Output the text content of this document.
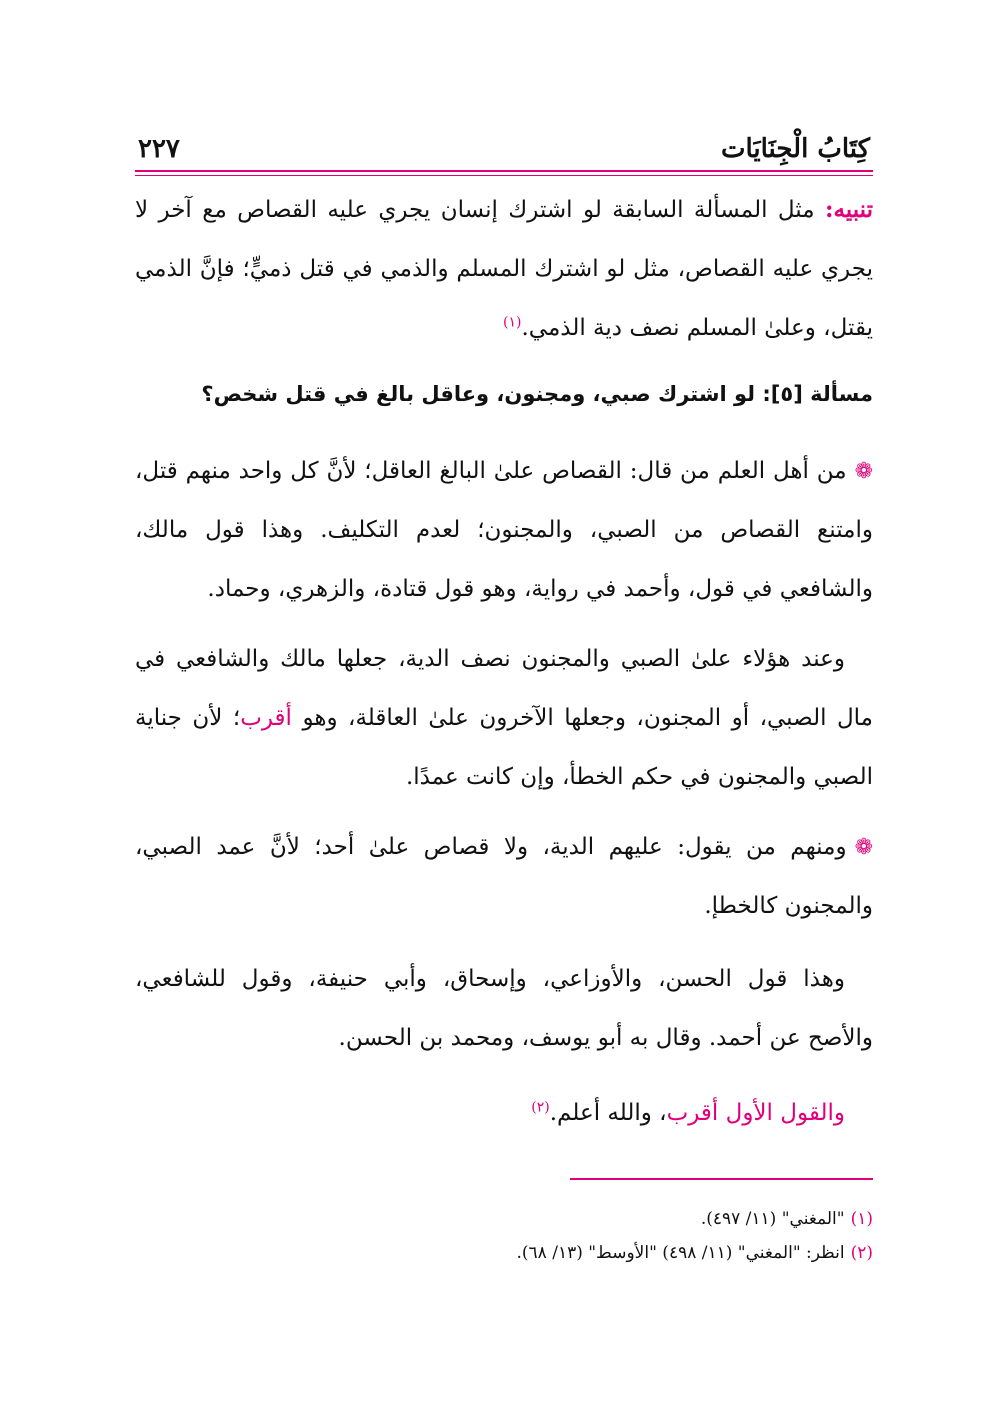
كِتَابُ الْجِنَايَات
٢٢٧

تنبيه: مثل المسألة السابقة لو اشترك إنسان يجري عليه القصاص مع آخر لا يجري عليه القصاص، مثل لو اشترك المسلم والذمي في قتل ذميٍّ؛ فإنَّ الذمي يقتل، وعلىٰ المسلم نصف دية الذمي.$^{(١)}$

مسألة [٥]: لو اشترك صبي، ومجنون، وعاقل بالغ في قتل شخص؟

❁من أهل العلم من قال: القصاص علىٰ البالغ العاقل؛ لأنَّ كل واحد منهم قتل، وامتنع القصاص من الصبي، والمجنون؛ لعدم التكليف. وهذا قول مالك، والشافعي في قول، وأحمد في رواية، وهو قول قتادة، والزهري، وحماد.

وعند هؤلاء علىٰ الصبي والمجنون نصف الدية، جعلها مالك والشافعي في مال الصبي، أو المجنون، وجعلها الآخرون علىٰ العاقلة، وهو أقرب؛ لأن جناية الصبي والمجنون في حكم الخطأ، وإن كانت عمدًا.

❁ومنهم من يقول: عليهم الدية، ولا قصاص علىٰ أحد؛ لأنَّ عمد الصبي، والمجنون كالخطإ.

وهذا قول الحسن، والأوزاعي، وإسحاق، وأبي حنيفة، وقول للشافعي، والأصح عن أحمد. وقال به أبو يوسف، ومحمد بن الحسن.

والقول الأول أقرب، والله أعلم.$^{(٢)}$

(١)"المغني" (١١/ ٤٩٧).
(٢)انظر: "المغني" (١١/ ٤٩٨) "الأوسط" (١٣/ ٦٨).
